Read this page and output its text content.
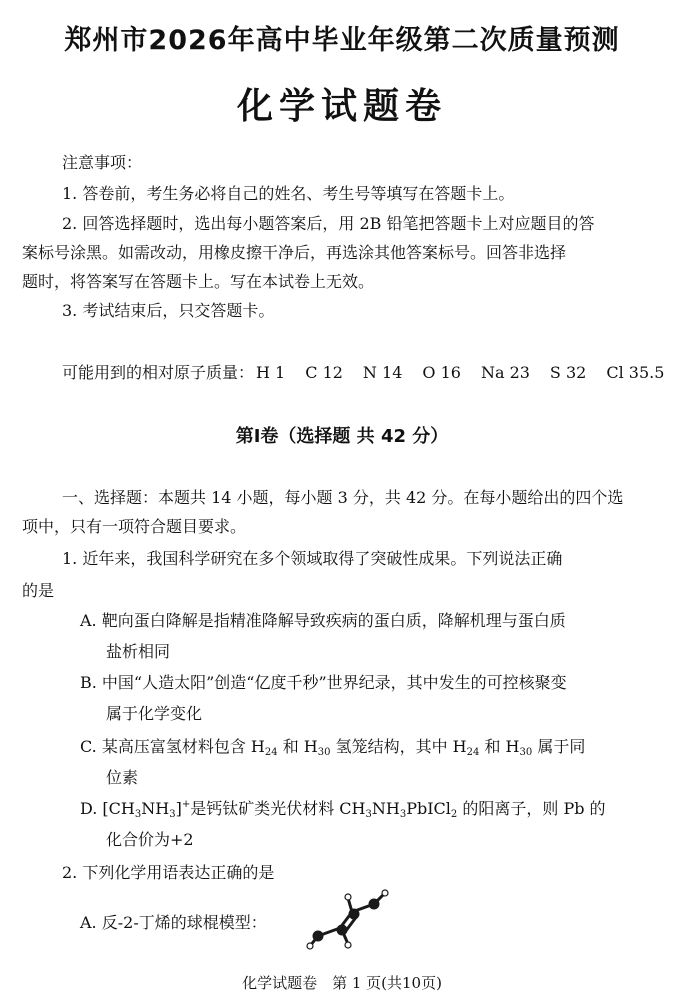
郑州市2026年高中毕业年级第二次质量预测
化学试题卷
注意事项：
1. 答卷前，考生务必将自己的姓名、考生号等填写在答题卡上。
2. 回答选择题时，选出每小题答案后，用 2B 铅笔把答题卡上对应题目的答
案标号涂黑。如需改动，用橡皮擦干净后，再选涂其他答案标号。回答非选择
题时，将答案写在答题卡上。写在本试卷上无效。
3. 考试结束后，只交答题卡。
可能用到的相对原子质量： H 1 C 12 N 14 O 16 Na 23 S 32 Cl 35.5
第Ⅰ卷（选择题 共 42 分）
一、选择题：本题共 14 小题，每小题 3 分，共 42 分。在每小题给出的四个选
项中，只有一项符合题目要求。
1. 近年来，我国科学研究在多个领域取得了突破性成果。下列说法正确
的是
A. 靶向蛋白降解是指精准降解导致疾病的蛋白质，降解机理与蛋白质
盐析相同
B. 中国“人造太阳”创造“亿度千秒”世界纪录，其中发生的可控核聚变
属于化学变化
C. 某高压富氢材料包含 $H_{24}$ 和 $H_{30}$ 氢笼结构，其中 $H_{24}$ 和 $H_{30}$ 属于同
位素
D. $[CH_3NH_3]^+$是钙钛矿类光伏材料 $CH_3NH_3PbICl_2$ 的阳离子，则 Pb 的
化合价为+2
2. 下列化学用语表达正确的是
A. 反-2-丁烯的球棍模型：
化学试题卷　第 1 页(共10页)
